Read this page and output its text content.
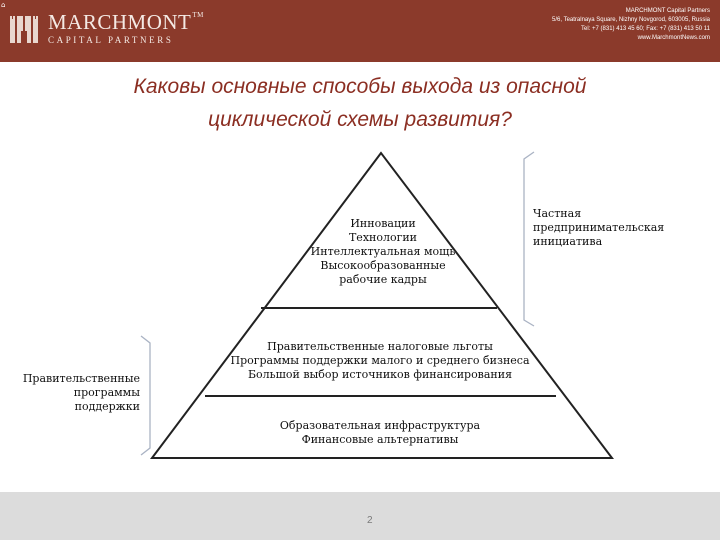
⌂
MARCHMONT™
CAPITAL PARTNERS
MARCHMONT Capital Partners
5/6, Teatralnaya Square, Nizhny Novgorod, 603005, Russia
Tel: +7 (831) 413 45 60; Fax: +7 (831) 413 50 11
www.MarchmontNews.com
Каковы основные способы выхода из опасной
циклической схемы развития?
Инновации
Технологии
Интеллектуальная мощь
Высокообразованные
рабочие кадры
Правительственные налоговые льготы
Программы поддержки малого и среднего бизнеса
Большой выбор источников финансирования
Образовательная инфраструктура
Финансовые альтернативы
Частная
предпринимательская
инициатива
Правительственные
программы
поддержки
2
